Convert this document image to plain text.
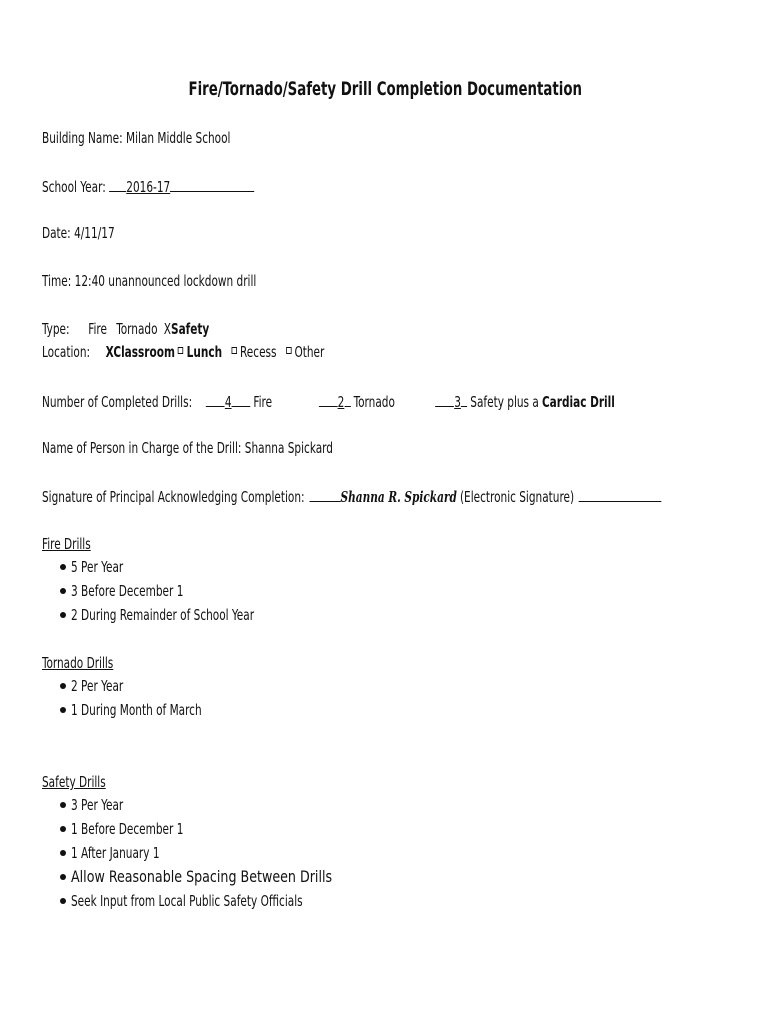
Fire/Tornado/Safety Drill Completion Documentation
Building Name: Milan Middle School
School Year: 2016-17
Date: 4/11/17
Time: 12:40 unannounced lockdown drill
Type: Fire Tornado XSafety
Location: XClassroom Lunch Recess Other
Number of Completed Drills: 4 Fire	2 Tornado	3 Safety plus a Cardiac Drill
Name of Person in Charge of the Drill: Shanna Spickard
Signature of Principal Acknowledging Completion: Shanna R. Spickard (Electronic Signature)
Fire Drills
5 Per Year
3 Before December 1
2 During Remainder of School Year
Tornado Drills
2 Per Year
1 During Month of March
Safety Drills
3 Per Year
1 Before December 1
1 After January 1
Allow Reasonable Spacing Between Drills
Seek Input from Local Public Safety Officials
